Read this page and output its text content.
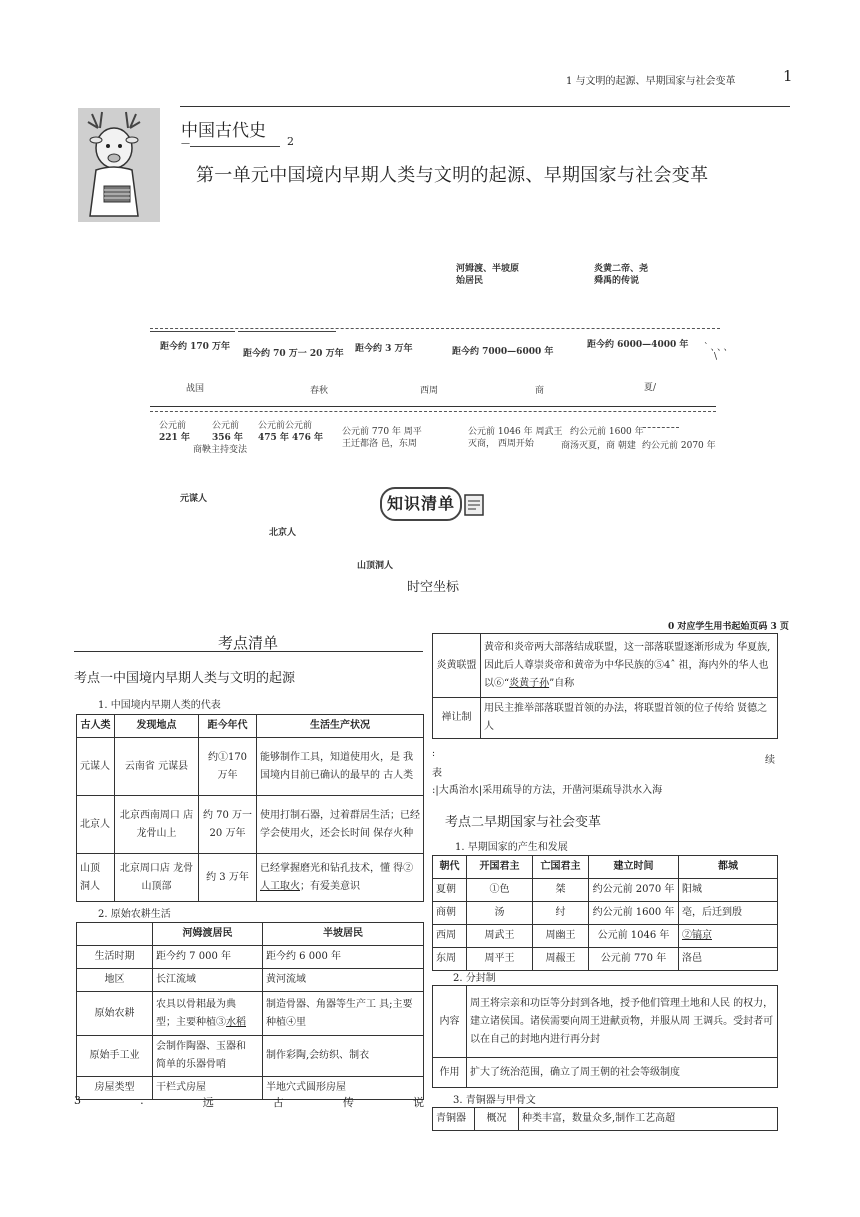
1 与文明的起源、早期国家与社会变革	1
中国古代史
—	2
第一单元中国境内早期人类与文明的起源、早期国家与社会变革
河姆渡、半坡原
始居民
炎黄二帝、尧
舜禹的传说
`、、、
\
距今约 170 万年
距今约 70 万一 20 万年 距今约 3 万年	距今约 7000—6000 年
距今约 6000—4000 年
战国	春秋	西周	商	夏/
公元前
221 年
公元前
356 年
商鞅主持变法
公元前公元前
475 年 476 年
公元前 770 年 周平
王迁都洛 邑，东周
公元前 1046 年 周武王
灭商， 西周开始
约公元前 1600 年
商汤灭夏，商 朝建 约公元前 2070 年
元谋人
北京人
山顶洞人
知识清单
时空坐标
0 对应学生用书起始页码 3 页
考点清单
考点一中国境内早期人类与文明的起源
1. 中国境内早期人类的代表
古人类	发现地点	距今年代	生活生产状况
元谋人	云南省 元谋县	约①170 万年	能够制作工具，知道使用火，是 我国境内目前已确认的最早的 古人类
北京人	北京西南周口 店龙骨山上	约 70 万一 20 万年	使用打制石器，过着群居生活；已经学会使用火，还会长时间 保存火种
山顶 洞人	北京周口店 龙骨山顶部	约 3 万年	已经掌握磨光和钻孔技术，懂 得②人工取火；有爱美意识
2. 原始农耕生活
	河姆渡居民	半坡居民
生活时期	距今约 7 000 年	距今约 6 000 年
地区	长江流域	黄河流域
原始农耕	农具以骨耜最为典 型；主要种植③水稻	制造骨器、角器等生产工 具;主要种植④里
原始手工业	会制作陶器、玉器和 简单的乐器骨哨	制作彩陶,会纺织、制衣
房屋类型	干栏式房屋	半地穴式圆形房屋
3	.	远	古	传	说
炎黄联盟	黄帝和炎帝两大部落结成联盟，这一部落联盟逐渐形成为 华夏族,因此后人尊崇炎帝和黄帝为中华民族的⑤4ˆ 祖，海内外的华人也以⑥“炎黄子孙”自称
禅让制	用民主推举部落联盟首领的办法，将联盟首领的位子传给 贤德之人
:
续
表
:|大禹治水|采用疏导的方法，开凿河渠疏导洪水入海
考点二早期国家与社会变革
1. 早期国家的产生和发展
朝代	开国君主	亡国君主	建立时间	都城
夏朝	①色	桀	约公元前 2070 年	阳城
商朝	汤	纣	约公元前 1600 年	亳，后迁到殷
西周	周武王	周幽王	公元前 1046 年	②镐京
东周	周平王	周赧王	公元前 770 年	洛邑
2. 分封制
内容	周王将宗亲和功臣等分封到各地，授予他们管理土地和人民 的权力，建立诸侯国。诸侯需要向周王进献贡物，并服从周 王调兵。受封者可以在自己的封地内进行再分封
作用	扩大了统治范围，确立了周王朝的社会等级制度
3. 青铜器与甲骨文
青铜器	概况	种类丰富，数量众多,制作工艺高超
